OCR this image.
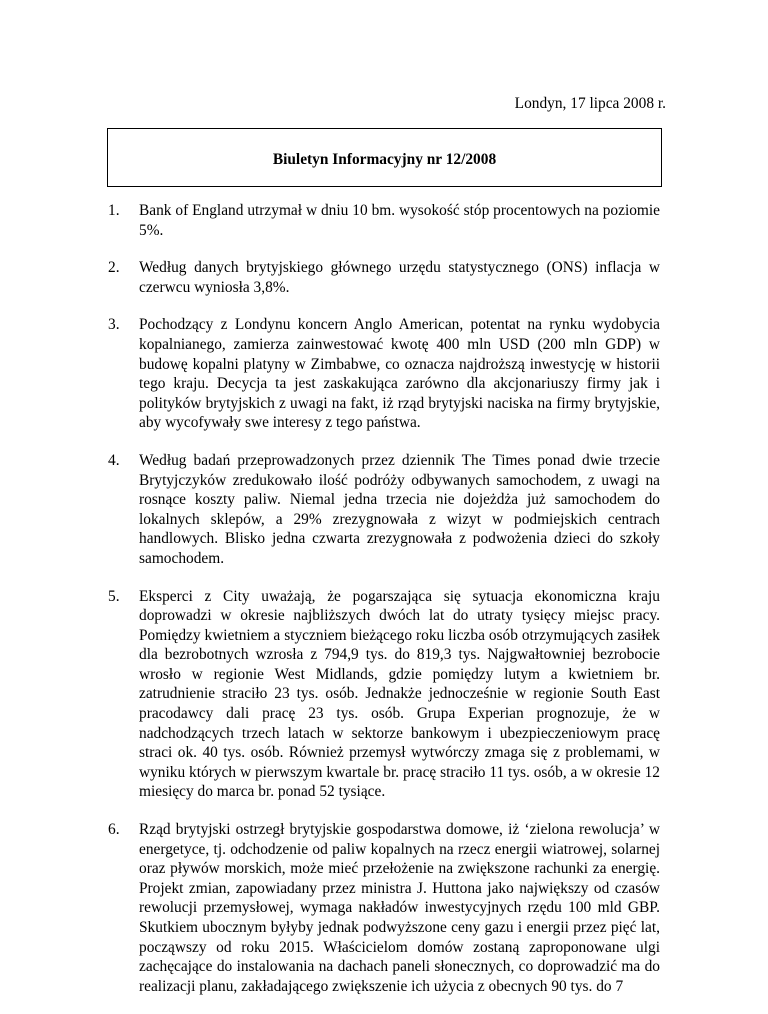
Londyn, 17 lipca 2008 r.
Biuletyn Informacyjny nr 12/2008
1. Bank of England utrzymał w dniu 10 bm. wysokość stóp procentowych na poziomie 5%.
2. Według danych brytyjskiego głównego urzędu statystycznego (ONS) inflacja w czerwcu wyniosła 3,8%.
3. Pochodzący z Londynu koncern Anglo American, potentat na rynku wydobycia kopalnianego, zamierza zainwestować kwotę 400 mln USD (200 mln GDP) w budowę kopalni platyny w Zimbabwe, co oznacza najdroższą inwestycję w historii tego kraju. Decycja ta jest zaskakująca zarówno dla akcjonariuszy firmy jak i polityków brytyjskich z uwagi na fakt, iż rząd brytyjski naciska na firmy brytyjskie, aby wycofywały swe interesy z tego państwa.
4. Według badań przeprowadzonych przez dziennik The Times ponad dwie trzecie Brytyjczyków zredukowało ilość podróży odbywanych samochodem, z uwagi na rosnące koszty paliw. Niemal jedna trzecia nie dojeżdża już samochodem do lokalnych sklepów, a 29% zrezygnowała z wizyt w podmiejskich centrach handlowych. Blisko jedna czwarta zrezygnowała z podwożenia dzieci do szkoły samochodem.
5. Eksperci z City uważają, że pogarszająca się sytuacja ekonomiczna kraju doprowadzi w okresie najbliższych dwóch lat do utraty tysięcy miejsc pracy. Pomiędzy kwietniem a styczniem bieżącego roku liczba osób otrzymujących zasiłek dla bezrobotnych wzrosła z 794,9 tys. do 819,3 tys. Najgwałtowniej bezrobocie wrosło w regionie West Midlands, gdzie pomiędzy lutym a kwietniem br. zatrudnienie straciło 23 tys. osób. Jednakże jednocześnie w regionie South East pracodawcy dali pracę 23 tys. osób. Grupa Experian prognozuje, że w nadchodzących trzech latach w sektorze bankowym i ubezpieczeniowym pracę straci ok. 40 tys. osób. Również przemysł wytwórczy zmaga się z problemami, w wyniku których w pierwszym kwartale br. pracę straciło 11 tys. osób, a w okresie 12 miesięcy do marca br. ponad 52 tysiące.
6. Rząd brytyjski ostrzegł brytyjskie gospodarstwa domowe, iż ‘zielona rewolucja’ w energetyce, tj. odchodzenie od paliw kopalnych na rzecz energii wiatrowej, solarnej oraz pływów morskich, może mieć przełożenie na zwiększone rachunki za energię. Projekt zmian, zapowiadany przez ministra J. Huttona jako największy od czasów rewolucji przemysłowej, wymaga nakładów inwestycyjnych rzędu 100 mld GBP. Skutkiem ubocznym byłyby jednak podwyższone ceny gazu i energii przez pięć lat, począwszy od roku 2015. Właścicielom domów zostaną zaproponowane ulgi zachęcające do instalowania na dachach paneli słonecznych, co doprowadzić ma do realizacji planu, zakładającego zwiększenie ich użycia z obecnych 90 tys. do 7
